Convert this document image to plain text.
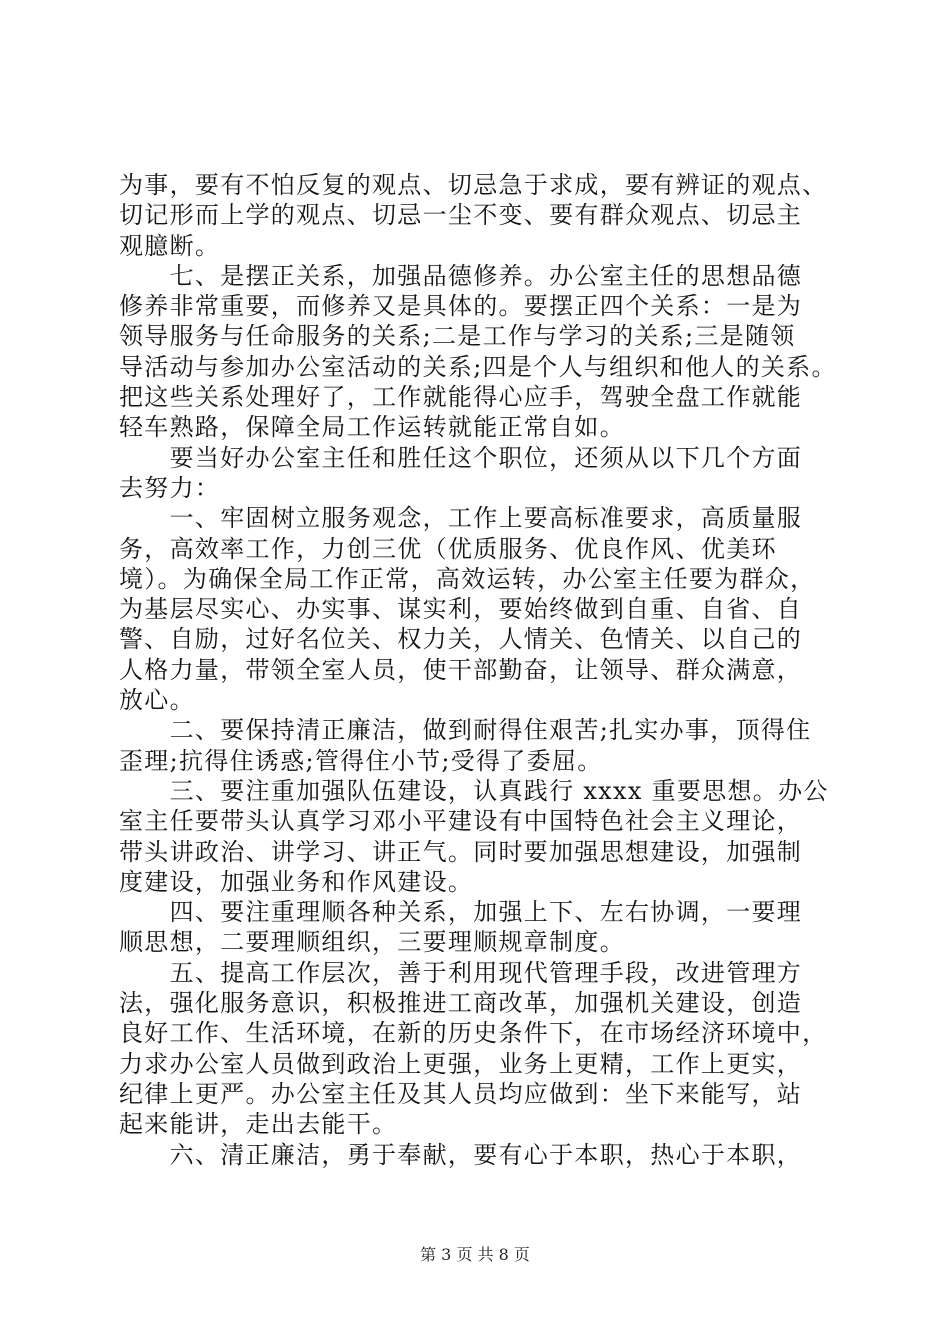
为事，要有不怕反复的观点、切忌急于求成，要有辨证的观点、
切记形而上学的观点、切忌一尘不变、要有群众观点、切忌主
观臆断。
　　七、是摆正关系，加强品德修养。办公室主任的思想品德
修养非常重要，而修养又是具体的。要摆正四个关系：一是为
领导服务与任命服务的关系;二是工作与学习的关系;三是随领
导活动与参加办公室活动的关系;四是个人与组织和他人的关系。
把这些关系处理好了，工作就能得心应手，驾驶全盘工作就能
轻车熟路，保障全局工作运转就能正常自如。
　　要当好办公室主任和胜任这个职位，还须从以下几个方面
去努力：
　　一、牢固树立服务观念，工作上要高标准要求，高质量服
务，高效率工作，力创三优（优质服务、优良作风、优美环
境）。为确保全局工作正常，高效运转，办公室主任要为群众，
为基层尽实心、办实事、谋实利，要始终做到自重、自省、自
警、自励，过好名位关、权力关，人情关、色情关、以自己的
人格力量，带领全室人员，使干部勤奋，让领导、群众满意，
放心。
　　二、要保持清正廉洁，做到耐得住艰苦;扎实办事，顶得住
歪理;抗得住诱惑;管得住小节;受得了委屈。
　　三、要注重加强队伍建设，认真践行 xxxx 重要思想。办公
室主任要带头认真学习邓小平建设有中国特色社会主义理论，
带头讲政治、讲学习、讲正气。同时要加强思想建设，加强制
度建设，加强业务和作风建设。
　　四、要注重理顺各种关系，加强上下、左右协调，一要理
顺思想，二要理顺组织，三要理顺规章制度。
　　五、提高工作层次，善于利用现代管理手段，改进管理方
法，强化服务意识，积极推进工商改革，加强机关建设，创造
良好工作、生活环境，在新的历史条件下，在市场经济环境中，
力求办公室人员做到政治上更强，业务上更精，工作上更实，
纪律上更严。办公室主任及其人员均应做到：坐下来能写，站
起来能讲，走出去能干。
　　六、清正廉洁，勇于奉献，要有心于本职，热心于本职，
第 3 页 共 8 页
